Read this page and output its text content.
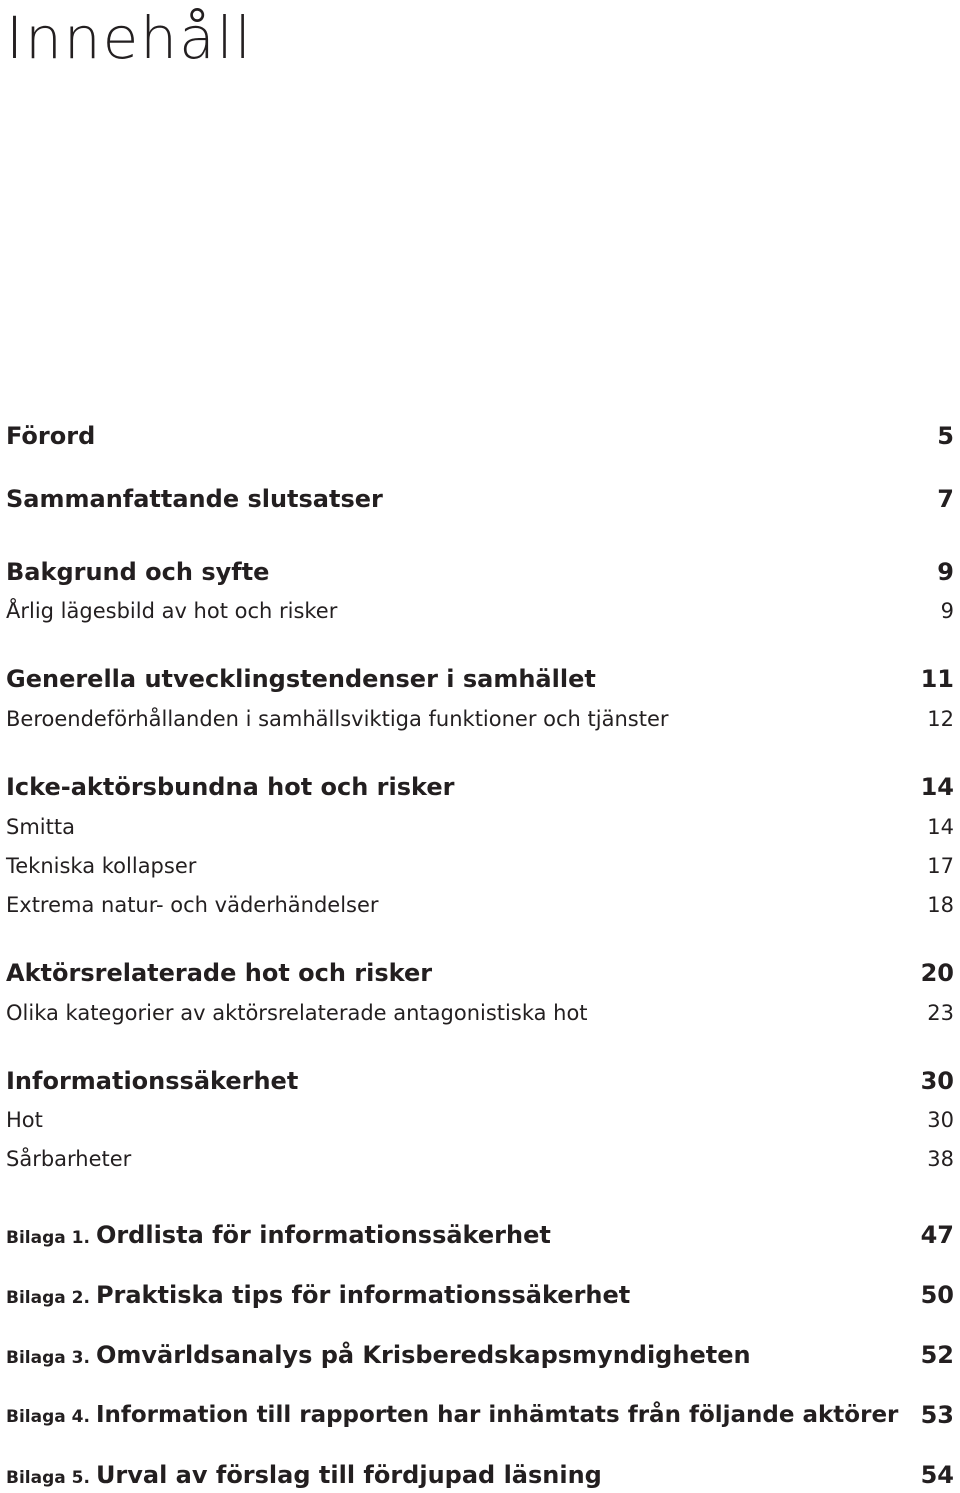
Innehåll
Förord	5
Sammanfattande slutsatser	7
Bakgrund och syfte	9
Årlig lägesbild av hot och risker	9
Generella utvecklingstendenser i samhället	11
Beroendeförhållanden i samhällsviktiga funktioner och tjänster	12
Icke-aktörsbundna hot och risker	14
Smitta	14
Tekniska kollapser	17
Extrema natur- och väderhändelser	18
Aktörsrelaterade hot och risker	20
Olika kategorier av aktörsrelaterade antagonistiska hot	23
Informationssäkerhet	30
Hot	30
Sårbarheter	38
Bilaga 1. Ordlista för informationssäkerhet	47
Bilaga 2. Praktiska tips för informationssäkerhet	50
Bilaga 3. Omvärldsanalys på Krisberedskapsmyndigheten	52
Bilaga 4. Information till rapporten har inhämtats från följande aktörer 53
Bilaga 5. Urval av förslag till fördjupad läsning	54
